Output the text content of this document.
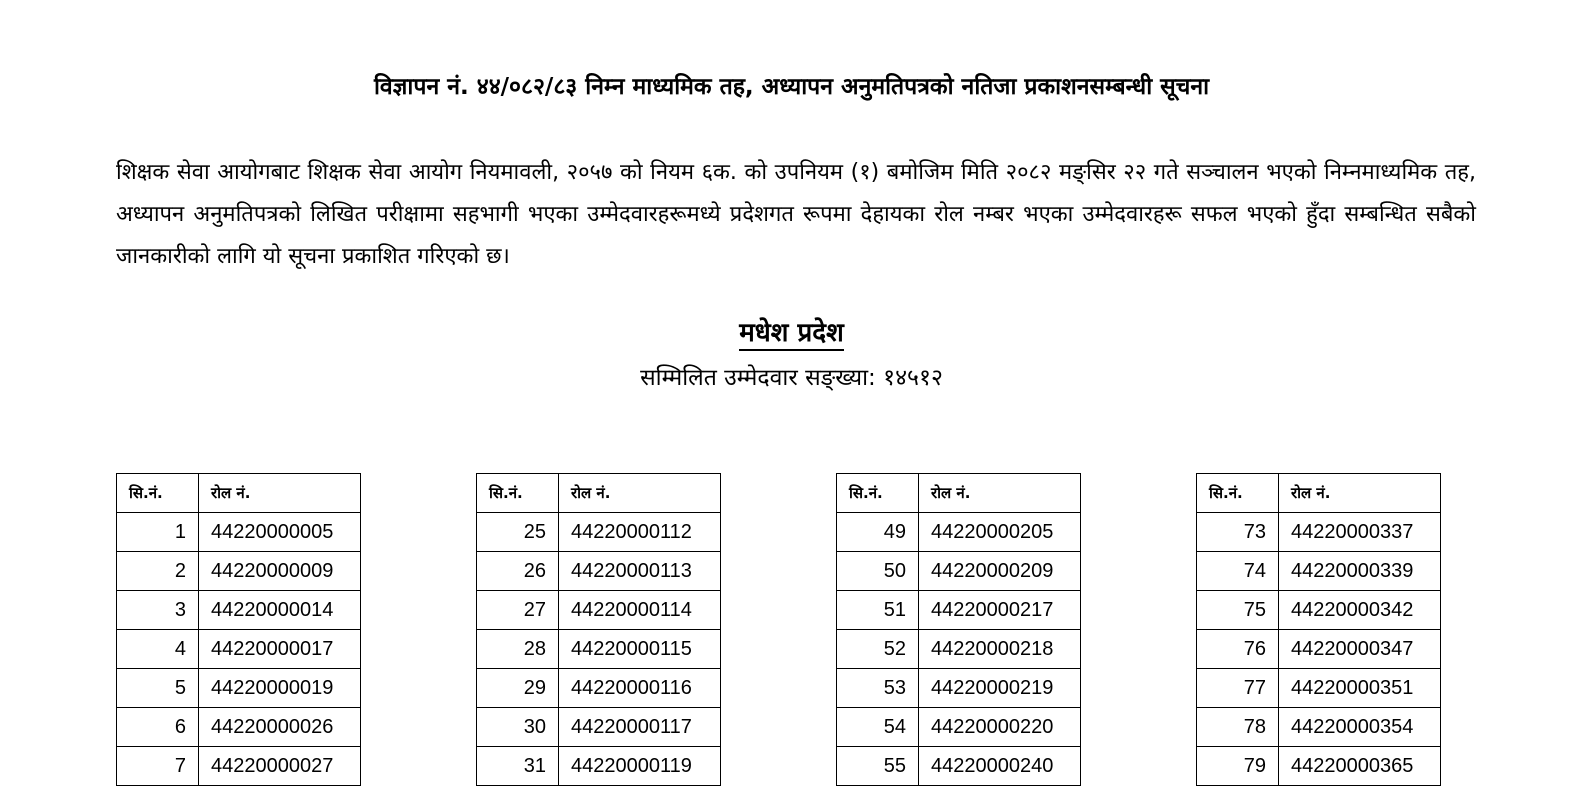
विज्ञापन नं. ४४/०८२/८३ निम्न माध्यमिक तह, अध्यापन अनुमतिपत्रको नतिजा प्रकाशनसम्बन्धी सूचना
शिक्षक सेवा आयोगबाट शिक्षक सेवा आयोग नियमावली, २०५७ को नियम ६क. को उपनियम (१) बमोजिम मिति २०८२ मङ्सिर २२ गते सञ्चालन भएको निम्नमाध्यमिक तह, अध्यापन अनुमतिपत्रको लिखित परीक्षामा सहभागी भएका उम्मेदवारहरूमध्ये प्रदेशगत रूपमा देहायका रोल नम्बर भएका उम्मेदवारहरू सफल भएको हुँदा सम्बन्धित सबैको जानकारीको लागि यो सूचना प्रकाशित गरिएको छ।
मधेश प्रदेश
सम्मिलित उम्मेदवार सङ्ख्या: १४५१२
सि.नं.	रोल नं.
1	44220000005
2	44220000009
3	44220000014
4	44220000017
5	44220000019
6	44220000026
7	44220000027
सि.नं.	रोल नं.
25	44220000112
26	44220000113
27	44220000114
28	44220000115
29	44220000116
30	44220000117
31	44220000119
सि.नं.	रोल नं.
49	44220000205
50	44220000209
51	44220000217
52	44220000218
53	44220000219
54	44220000220
55	44220000240
सि.नं.	रोल नं.
73	44220000337
74	44220000339
75	44220000342
76	44220000347
77	44220000351
78	44220000354
79	44220000365
